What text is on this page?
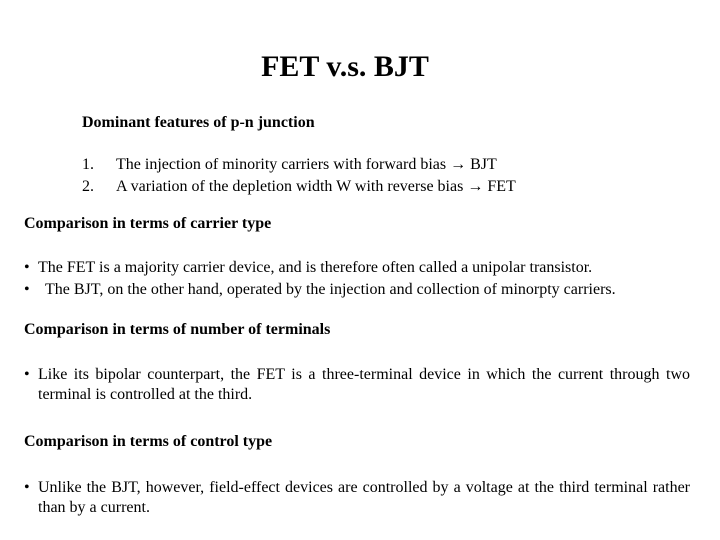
FET v.s. BJT
Dominant features of p-n junction
1. The injection of minority carriers with forward bias → BJT
2. A variation of the depletion width W with reverse bias → FET
Comparison in terms of carrier type
• The FET is a majority carrier device, and is therefore often called a unipolar transistor.
• The BJT, on the other hand, operated by the injection and collection of minorpty carriers.
Comparison in terms of number of terminals
• Like its bipolar counterpart, the FET is a three-terminal device in which the current through two terminal is controlled at the third.
Comparison in terms of control type
• Unlike the BJT, however, field-effect devices are controlled by a voltage at the third terminal rather than by a current.
